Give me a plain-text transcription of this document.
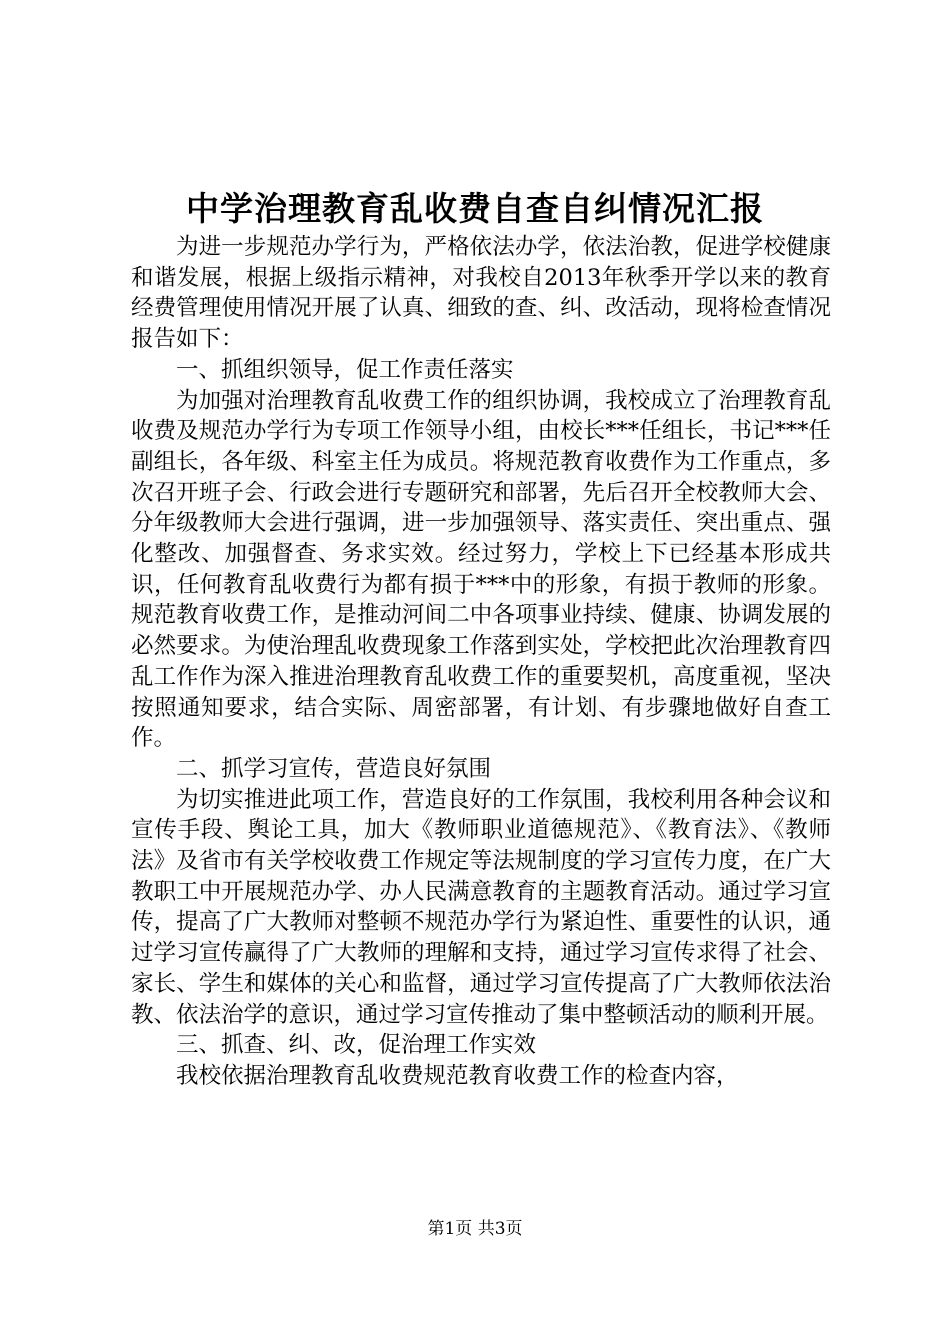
中学治理教育乱收费自查自纠情况汇报

为进一步规范办学行为，严格依法办学，依法治教，促进学校健康和谐发展，根据上级指示精神，对我校自2013年秋季开学以来的教育经费管理使用情况开展了认真、细致的查、纠、改活动，现将检查情况报告如下：

一、抓组织领导，促工作责任落实

为加强对治理教育乱收费工作的组织协调，我校成立了治理教育乱收费及规范办学行为专项工作领导小组，由校长***任组长，书记***任副组长，各年级、科室主任为成员。将规范教育收费作为工作重点，多次召开班子会、行政会进行专题研究和部署，先后召开全校教师大会、分年级教师大会进行强调，进一步加强领导、落实责任、突出重点、强化整改、加强督查、务求实效。经过努力，学校上下已经基本形成共识，任何教育乱收费行为都有损于***中的形象，有损于教师的形象。规范教育收费工作，是推动河间二中各项事业持续、健康、协调发展的必然要求。为使治理乱收费现象工作落到实处，学校把此次治理教育四乱工作作为深入推进治理教育乱收费工作的重要契机，高度重视，坚决按照通知要求，结合实际、周密部署，有计划、有步骤地做好自查工作。

二、抓学习宣传，营造良好氛围

为切实推进此项工作，营造良好的工作氛围，我校利用各种会议和宣传手段、舆论工具，加大《教师职业道德规范》、《教育法》、《教师法》及省市有关学校收费工作规定等法规制度的学习宣传力度，在广大教职工中开展规范办学、办人民满意教育的主题教育活动。通过学习宣传，提高了广大教师对整顿不规范办学行为紧迫性、重要性的认识，通过学习宣传赢得了广大教师的理解和支持，通过学习宣传求得了社会、家长、学生和媒体的关心和监督，通过学习宣传提高了广大教师依法治教、依法治学的意识，通过学习宣传推动了集中整顿活动的顺利开展。

三、抓查、纠、改，促治理工作实效

我校依据治理教育乱收费规范教育收费工作的检查内容，

第1页 共3页
